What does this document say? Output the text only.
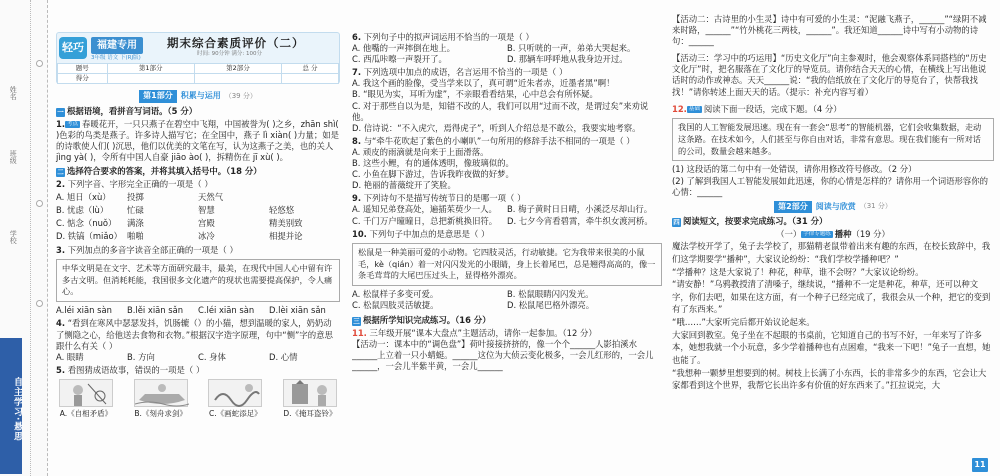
姓名
班级
学校
自主学习·悬思
轻巧	福建专用
3年级 语文 下(RJ版)
期末综合素质评价（二）
时间: 90分钟 满分: 100分
题号	第1部分	第2部分	总 分
得分			
第1部分	积累与运用 （39 分）
一 根据语境，看拼音写词语。（5 分）
1. 考点 春暖花开，一只只燕子在碧空中飞翔，中国被誉为( )之乡，zhān shì( )色彩的鸟类是燕子。许多诗人描写它；在全国中，燕子 lì xiàn( )力量；如是的诗歌使人们( )沉思，他们以优美的文笔在写，认为这燕子之美，也的关人 jìng yà( )，令所有中国人自豪 jiāo ào( )，拆精伤在 jī xù( )。
二 选择符合要求的答案，并将其填入括号中。（18 分）
2. 下列字音、字形完全正确的一项是（ ）
A. 旭日（xù）	投掷	天然气
B. 忧虑（lù）	忙碌	智慧	轻悠悠
C. 惦念（nuǒ）	满涤	宫殿	精美别致
D. 铁镐（miǎo） 啪啪	冰冷	相提并论
3. 下列加点的多音字读音全部正确的一项是（ ）
中华文明是在文字、艺术等方面研究最丰，最美，在现代中国人心中留有许多古文明。但消耗耗能，我国很多文化遗产的现状也需要提高保护，令人痛心。
A.léi xiān sàn	B.lěi xiān sǎn	C.léi xiān sàn	D.lèi xiān sǎn
4. “看到在寒风中瑟瑟发抖，饥肠辘（）的小猫，想到温暖的家人，奶奶动了恻隐之心，给他送去食物和衣物。”根据汉字造字原理，句中“恻”字的意思跟什么有关（ ）
A. 眼睛	B. 方向	C. 身体	D. 心情
5. 看图猜成语故事，错误的一项是（ ）
A.《自相矛盾》	B.《刻舟求剑》	C.《画蛇添足》	D.《掩耳盗铃》
6. 下列句子中的拟声词运用不恰当的一项是（ ）
A. 他嘴的一声摔倒在地上。	B. 只听咣的一声，弟弟大哭起来。
C. 西瓜咔嚓一声裂开了。	D. 那辆车呼呼地从我身边开过。
7. 下列选项中加点的成语，名言运用不恰当的一项是（ ）
A. 我这个画的脸像，受当学来以了，真可谓“近朱者赤，近墨者黑”啊！
B. “眼见为实，耳听为虚”，不亲眼看看结果，心中总会有所怀疑。
C. 对于那些自以为是，知错不改的人，我们可以用“过而不改，是谓过矣”来劝说他。
D. 信诗说：“不入虎穴，焉得虎子”，听到人介绍总是不敢公，我要实地考察。
8. 与“牵牛花吹起了紫色的小喇叭”一句所用的修辞手法不相同的一项是（ ）
A. 顽皮的雨滴就是向来于上面滑落。
B. 这些小鲤，有的通体透明，像玻璃似的。
C. 小鱼在脚下游过，告诉我昨夜做的好梦。
D. 艳丽的蔷薇绽开了笑脸。
9. 下列诗句不是描写传统节日的是哪一项（ ）
A. 遥知兄弟登高处，遍插茱萸少一人。	B. 梅子黄时日日晴，小溪泛尽却山行。
C. 千门万户曈曈日，总把新桃换旧符。	D. 七夕今宵看碧霄，牵牛织女渡河桥。
10. 下列句子中加点的是意思是（ ）
松鼠是一种美丽可爱的小动物。它四肢灵活，行动敏捷。它为我带来很美的小鼠毛，kè（qián）着一对闪闪发光的小眼睛，身上长着尾巴，总是翘得高高的，像一条毛茸茸的大尾巴压过头上，显得格外漂亮。
A. 松鼠样子多变可爱。	B. 松鼠眼睛闪闪发光。
C. 松鼠四肢灵活敏捷。	D. 松鼠尾巴格外漂亮。
三 根据所学知识完成练习。（16 分）
11. 三年级开展“课本大盘点”主题活动，请你一起参加。（12 分）
【活动一：课本中的“调色盘”】荷叶接接挤挤的，像一个个______人影拍溪水______上立着一只小蜻蜓。______这位为大侦云变化极多，一会儿红形的，一会儿______，一会儿半紫半黄，一会儿______
【活动二：古诗里的小生灵】诗中有可爱的小生灵：“泥融飞燕子，______”“绿阴不减来时路，______”“竹外桃花三两枝，______”。我还知道______诗中写有小动物的诗句：______
【活动三：学习中的巧运用】“历史文化厅”向主参观时，他会观察体系同搭档的“历史文化厅”时，把名服落在了文化厅的导览员。请你结合天天的心情，在横线上写出他说话时的动作或神态。天天______说：“我的信纸放在了文化厅的导览台了，快帮我找找！”请你转述上面天天的话。（提示：补充内容写着）
12. 基础 阅读下面一段话，完成下题。（4 分）
我国的人工智能发展迅速。现在有一套会“思考”的智能机器，它们会收集数据，走动这条路。在技术如今，人们甚至与你自由对话，非常有意思。现在我们能有一所对话的公司，数量会越来越多。
(1) 这段话的第二句中有一处错误，请你用修改符号修改。（2 分）
(2) 了解到我国人工智能发展如此迅速，你的心情是怎样的？请你用一个词语形容你的心情：______
第2部分	阅读与欣赏 （31 分）
四 阅读短文，按要求完成练习。（31 分）
（一） 字律专题练 播种（19 分）
魔法学校开学了，兔子去学校了，那猫精老鼠带着出来有趣的东西，在校长致辞中，我们这学期要学“播种”，大家议论纷纷：“我们学校学播种吧？”
“学播种？这是大家说了！种花，种草，谁不会呀？”大家议论纷纷。
“请安静！”乌鸦教授清了清嗓子，继续说，“播种不一定是种花，种草，还可以种文字，你们去吧，如果在这方面，有一个种子已经完成了，我很会从一个种，把它的变到有了东西来。”
“哦……”大家听完后都开始议论起来。
大家回到教室。兔子坐在不起眼的书桌前，它知道自己的书写不好，一年来写了许多本，她想我就一个小玩意，多少学着播种也有点困难，“我来一下吧！”兔子一直想，她也能了。
“我想种一颗梦里想要到的树。树枝上长满了小东西，长的非常多少的东西，它会让大家都看到这个世界，我帮它长出许多有价值的好东西来了。”扛拉说完，大
11
